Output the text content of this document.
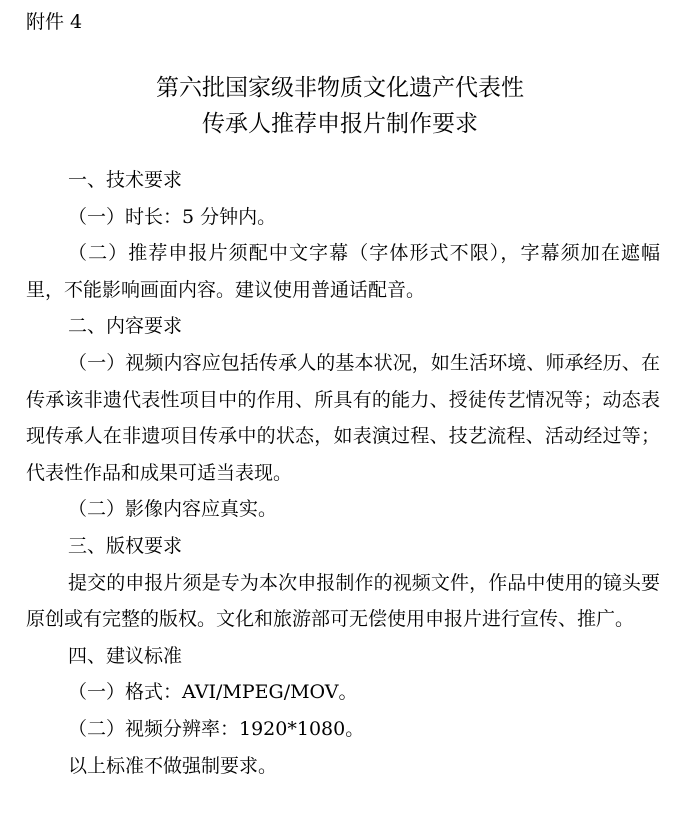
附件 4
第六批国家级非物质文化遗产代表性
传承人推荐申报片制作要求

一、技术要求

（一）时长：5 分钟内。

（二）推荐申报片须配中文字幕（字体形式不限），字幕须加在遮幅里，不能影响画面内容。建议使用普通话配音。

二、内容要求

（一）视频内容应包括传承人的基本状况，如生活环境、师承经历、在传承该非遗代表性项目中的作用、所具有的能力、授徒传艺情况等；动态表现传承人在非遗项目传承中的状态，如表演过程、技艺流程、活动经过等；代表性作品和成果可适当表现。

（二）影像内容应真实。

三、版权要求

提交的申报片须是专为本次申报制作的视频文件，作品中使用的镜头要原创或有完整的版权。文化和旅游部可无偿使用申报片进行宣传、推广。

四、建议标准

（一）格式：AVI/MPEG/MOV。

（二）视频分辨率：1920*1080。

以上标准不做强制要求。
